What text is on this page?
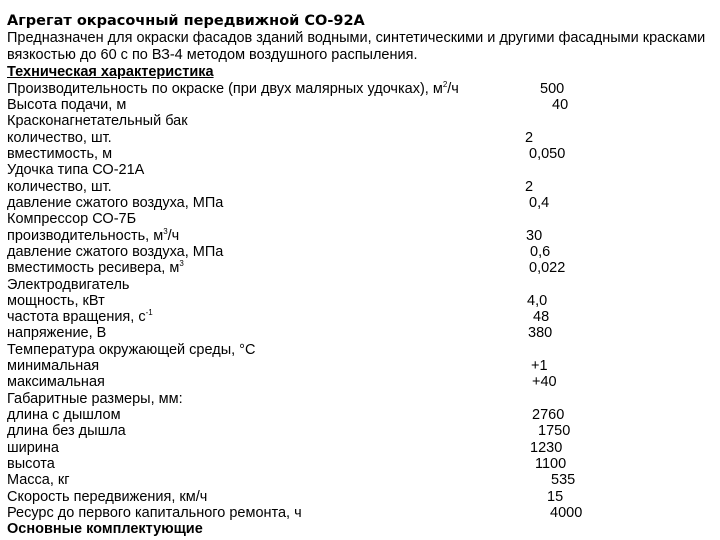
Агрегат окрасочный передвижной СО-92А
Предназначен для окраски фасадов зданий водными, синтетическими и другими фасадными красками вязкостью до 60 с по ВЗ-4 методом воздушного распыления.
Техническая характеристика
Производительность по окраске (при двух малярных удочках), $м^2/ч$	500
Высота подачи, м	40
Красконагнетательный бак
количество, шт.	2
вместимость, м	0,050
Удочка типа СО-21А
количество, шт.	2
давление сжатого воздуха, МПа	0,4
Компрессор СО-7Б
производительность, $м^3/ч$	30
давление сжатого воздуха, МПа	0,6
вместимость ресивера, $м^3$	0,022
Электродвигатель
мощность, кВт	4,0
частота вращения, $с^{-1}$	48
напряжение, В	380
Температура окружающей среды, °С
минимальная	+1
максимальная	+40
Габаритные размеры, мм:
длина с дышлом	2760
длина без дышла	1750
ширина	1230
высота	1100
Масса, кг	535
Скорость передвижения, км/ч	15
Ресурс до первого капитального ремонта, ч	4000
Основные комплектующие
